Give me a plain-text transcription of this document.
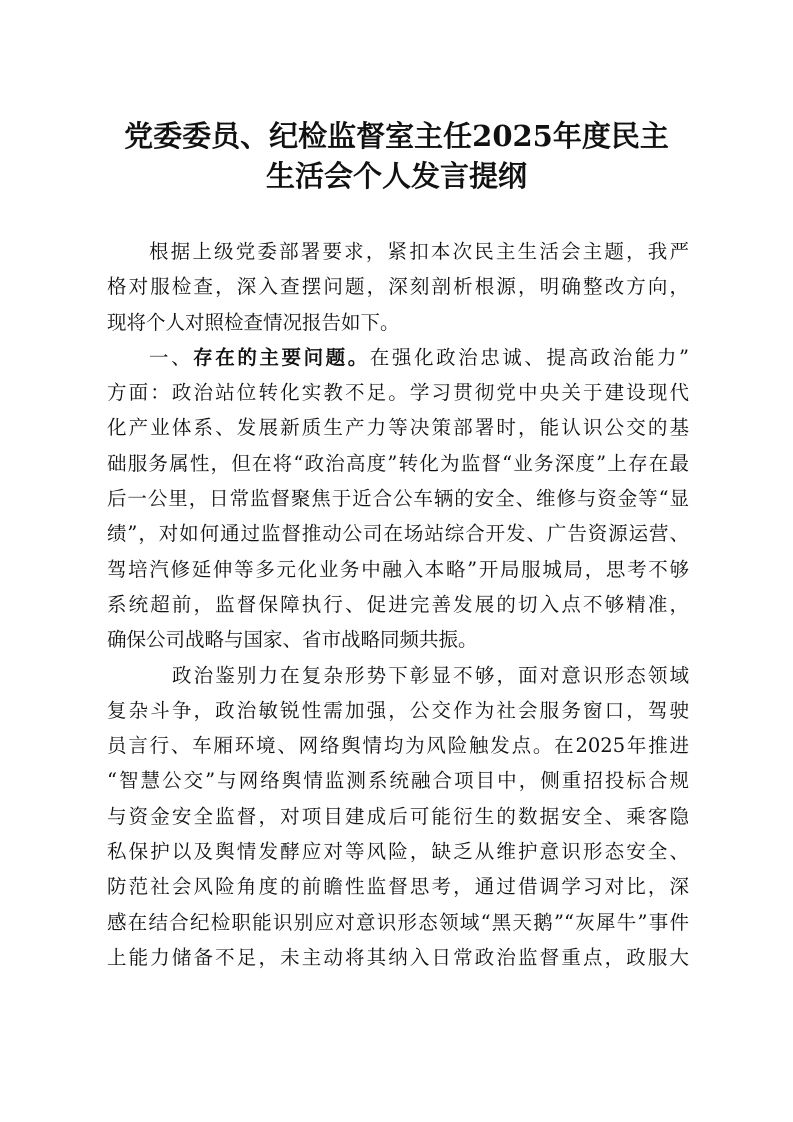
党委委员、纪检监督室主任2025年度民主
生活会个人发言提纲
根据上级党委部署要求，紧扣本次民主生活会主题，我严
格对服检查，深入查摆问题，深刻剖析根源，明确整改方向，
现将个人对照检查情况报告如下。
一、存在的主要问题。在强化政治忠诚、提高政治能力”
方面：政治站位转化实教不足。学习贯彻党中央关于建设现代
化产业体系、发展新质生产力等决策部署时，能认识公交的基
础服务属性，但在将“政治高度”转化为监督“业务深度”上存在最
后一公里，日常监督聚焦于近合公车辆的安全、维修与资金等“显
绩”，对如何通过监督推动公司在场站综合开发、广告资源运营、
驾培汽修延伸等多元化业务中融入本略”开局服城局，思考不够
系统超前，监督保障执行、促进完善发展的切入点不够精准，
确保公司战略与国家、省市战略同频共振。
政治鉴别力在复杂形势下彰显不够，面对意识形态领域
复杂斗争，政治敏锐性需加强，公交作为社会服务窗口，驾驶
员言行、车厢环境、网络舆情均为风险触发点。在2025年推进
“智慧公交”与网络舆情监测系统融合项目中，侧重招投标合规
与资金安全监督，对项目建成后可能衍生的数据安全、乘客隐
私保护以及舆情发酵应对等风险，缺乏从维护意识形态安全、
防范社会风险角度的前瞻性监督思考，通过借调学习对比，深
感在结合纪检职能识别应对意识形态领域“黑天鹅”“灰犀牛”事件
上能力储备不足，未主动将其纳入日常政治监督重点，政服大
